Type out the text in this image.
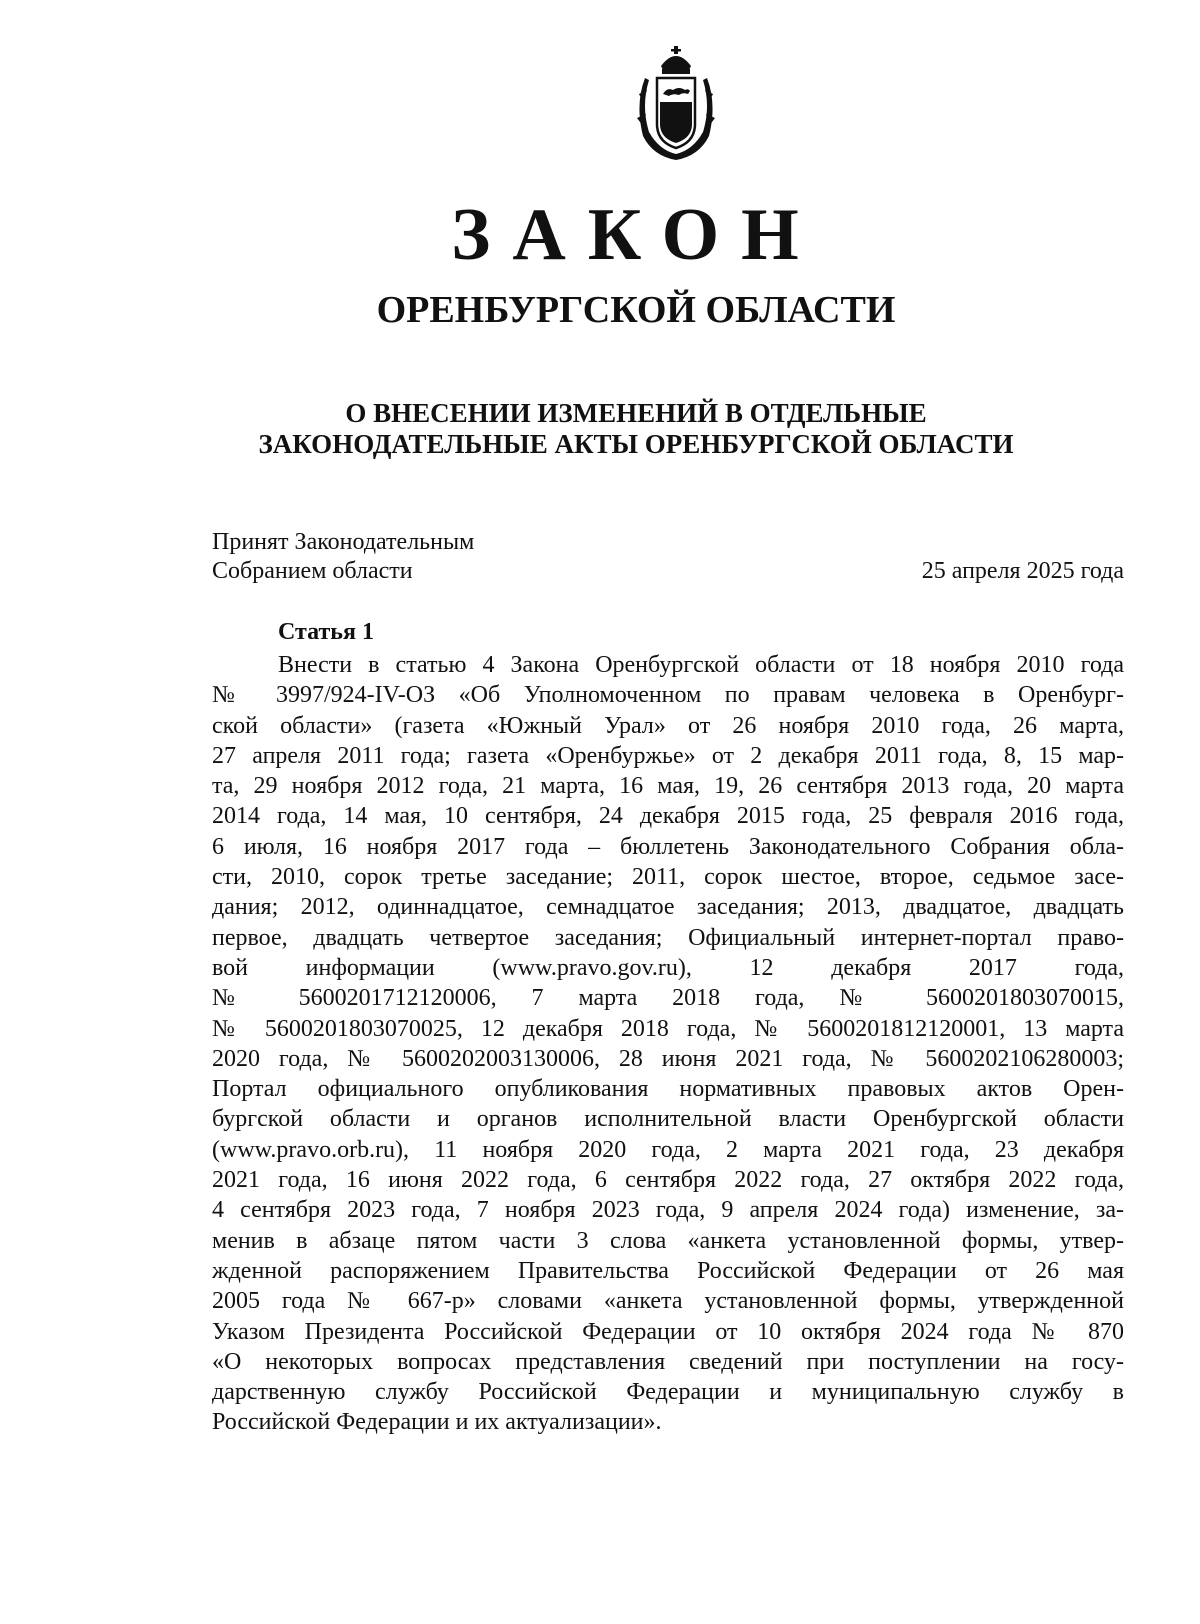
ЗАКОН
ОРЕНБУРГСКОЙ ОБЛАСТИ
О ВНЕСЕНИИ ИЗМЕНЕНИЙ В ОТДЕЛЬНЫЕ
ЗАКОНОДАТЕЛЬНЫЕ АКТЫ ОРЕНБУРГСКОЙ ОБЛАСТИ
Принят Законодательным
Собранием области	25 апреля 2025 года
Статья 1

Внести в статью 4 Закона Оренбургской области от 18 ноября 2010 года
№ 3997/924-IV-ОЗ «Об Уполномоченном по правам человека в Оренбург-
ской области» (газета «Южный Урал» от 26 ноября 2010 года, 26 марта,
27 апреля 2011 года; газета «Оренбуржье» от 2 декабря 2011 года, 8, 15 мар-
та, 29 ноября 2012 года, 21 марта, 16 мая, 19, 26 сентября 2013 года, 20 марта
2014 года, 14 мая, 10 сентября, 24 декабря 2015 года, 25 февраля 2016 года,
6 июля, 16 ноября 2017 года – бюллетень Законодательного Собрания обла-
сти, 2010, сорок третье заседание; 2011, сорок шестое, второе, седьмое засе-
дания; 2012, одиннадцатое, семнадцатое заседания; 2013, двадцатое, двадцать
первое, двадцать четвертое заседания; Официальный интернет-портал право-
вой информации (www.pravo.gov.ru), 12 декабря 2017 года,
№ 5600201712120006, 7 марта 2018 года, № 5600201803070015,
№ 5600201803070025, 12 декабря 2018 года, № 5600201812120001, 13 марта
2020 года, № 5600202003130006, 28 июня 2021 года, № 5600202106280003;
Портал официального опубликования нормативных правовых актов Орен-
бургской области и органов исполнительной власти Оренбургской области
(www.pravo.orb.ru), 11 ноября 2020 года, 2 марта 2021 года, 23 декабря
2021 года, 16 июня 2022 года, 6 сентября 2022 года, 27 октября 2022 года,
4 сентября 2023 года, 7 ноября 2023 года, 9 апреля 2024 года) изменение, за-
менив в абзаце пятом части 3 слова «анкета установленной формы, утвер-
жденной распоряжением Правительства Российской Федерации от 26 мая
2005 года № 667-р» словами «анкета установленной формы, утвержденной
Указом Президента Российской Федерации от 10 октября 2024 года № 870
«О некоторых вопросах представления сведений при поступлении на госу-
дарственную службу Российской Федерации и муниципальную службу в
Российской Федерации и их актуализации».
